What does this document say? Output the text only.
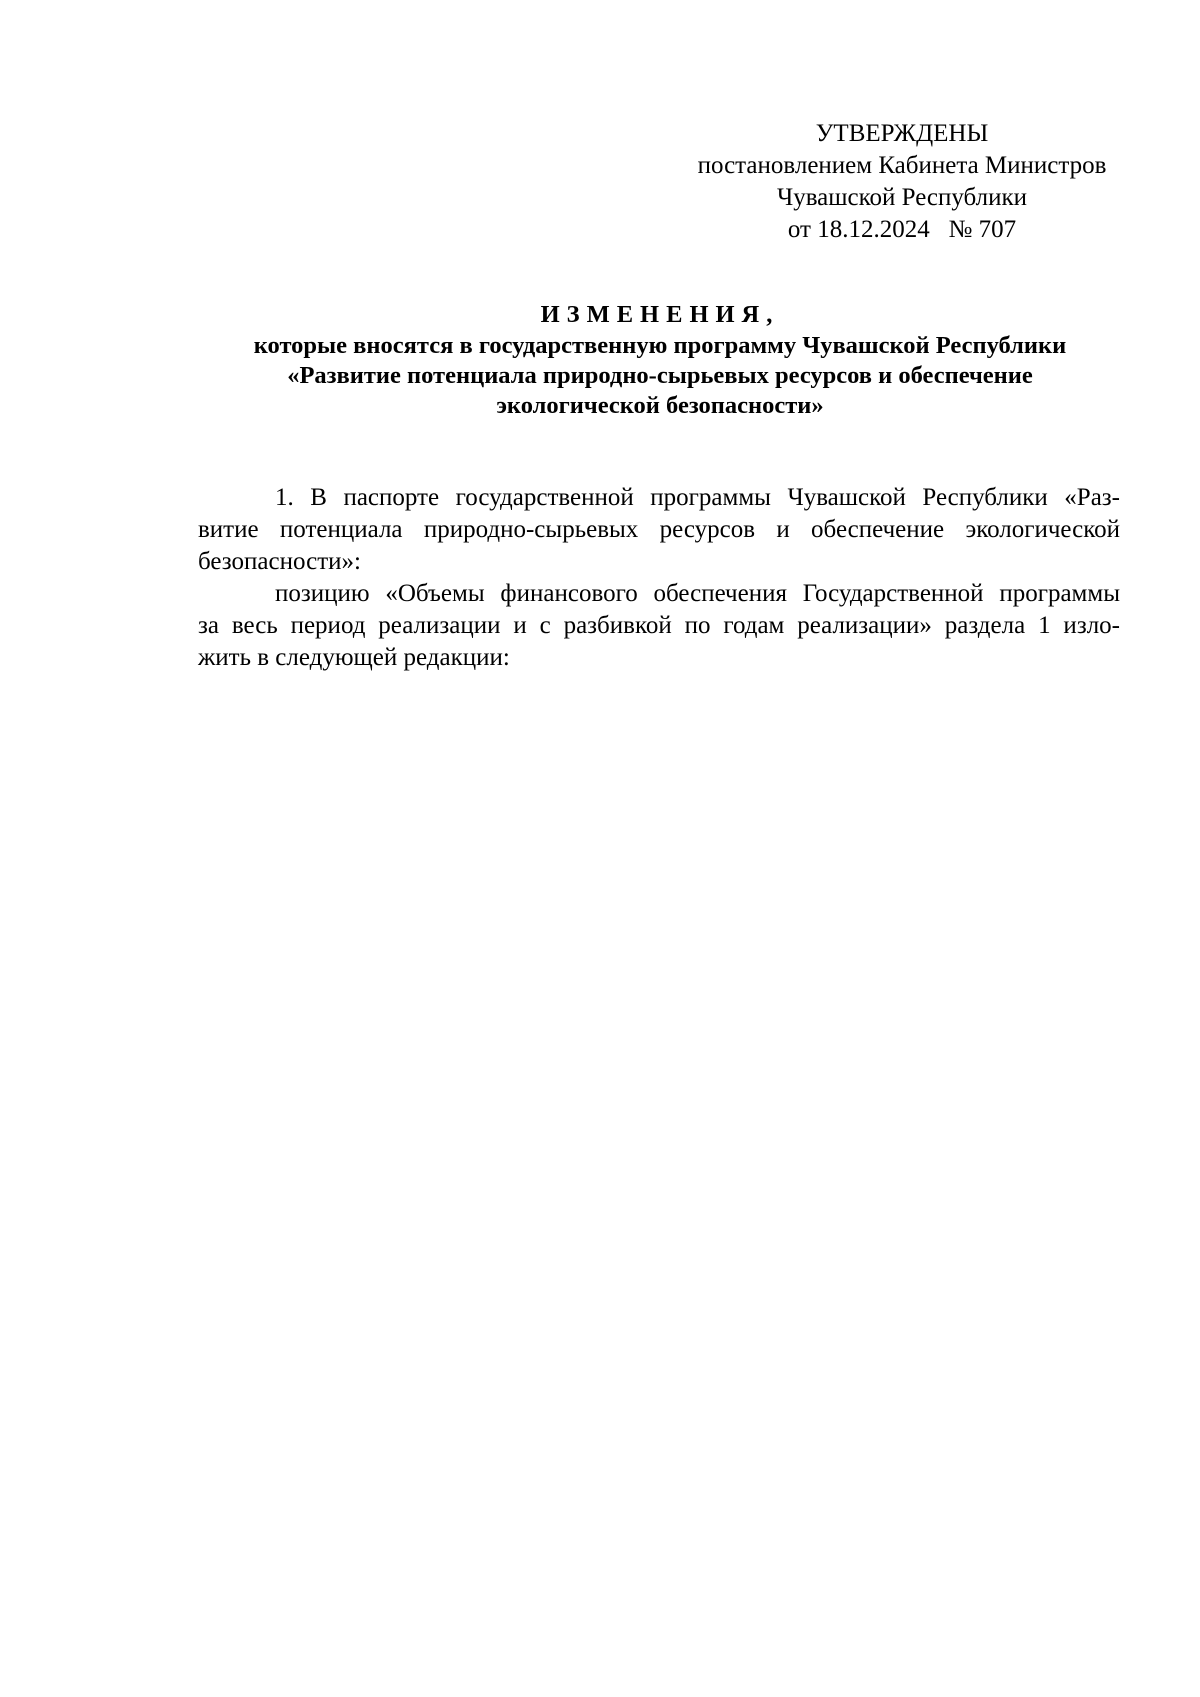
УТВЕРЖДЕНЫ
постановлением Кабинета Министров
Чувашской Республики
от 18.12.2024   № 707
ИЗМЕНЕНИЯ,
которые вносятся в государственную программу Чувашской Республики
«Развитие потенциала природно-сырьевых ресурсов и обеспечение
экологической безопасности»
1. В паспорте государственной программы Чувашской Республики «Раз-
витие потенциала природно-сырьевых ресурсов и обеспечение экологической
безопасности»:
позицию «Объемы финансового обеспечения Государственной программы
за весь период реализации и с разбивкой по годам реализации» раздела 1 изло-
жить в следующей редакции:
